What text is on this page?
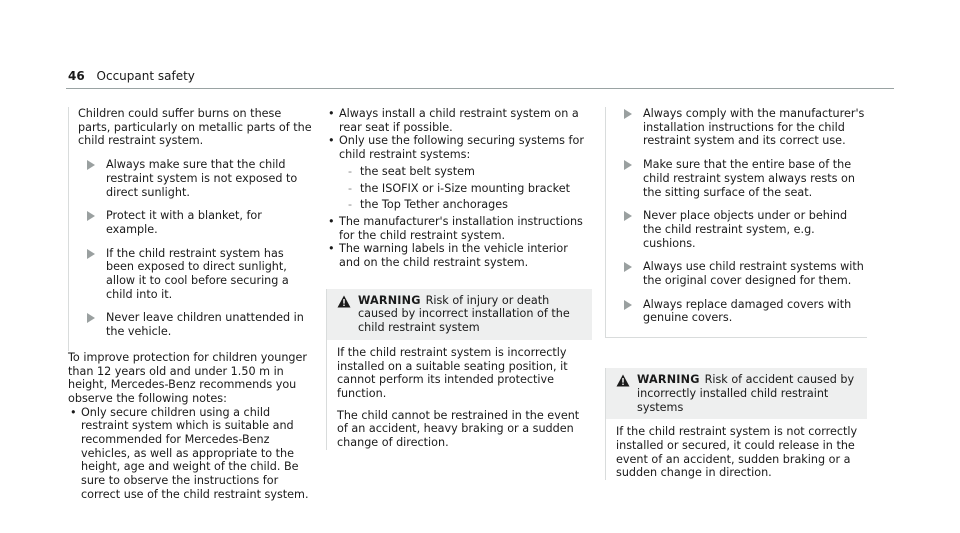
46 Occupant safety

Children could suffer burns on these parts, particularly on metallic parts of the child restraint system.

Always make sure that the child restraint system is not exposed to direct sunlight.
Protect it with a blanket, for example.
If the child restraint system has been exposed to direct sunlight, allow it to cool before securing a child into it.
Never leave children unattended in the vehicle.

To improve protection for children younger than 12 years old and under 1.50 m in height, Mercedes-Benz recommends you observe the following notes:

• Only secure children using a child restraint system which is suitable and recommended for Mercedes-Benz vehicles, as well as appropriate to the height, age and weight of the child. Be sure to observe the instructions for correct use of the child restraint system.
• Always install a child restraint system on a rear seat if possible.
• Only use the following securing systems for child restraint systems:
- the seat belt system
- the ISOFIX or i-Size mounting bracket
- the Top Tether anchorages
• The manufacturer's installation instructions for the child restraint system.
• The warning labels in the vehicle interior and on the child restraint system.
WARNING Risk of injury or death caused by incorrect installation of the child restraint system

If the child restraint system is incorrectly installed on a suitable seating position, it cannot perform its intended protective function.

The child cannot be restrained in the event of an accident, heavy braking or a sudden change of direction.

Always comply with the manufacturer's installation instructions for the child restraint system and its correct use.
Make sure that the entire base of the child restraint system always rests on the sitting surface of the seat.
Never place objects under or behind the child restraint system, e.g. cushions.
Always use child restraint systems with the original cover designed for them.
Always replace damaged covers with genuine covers.
WARNING Risk of accident caused by incorrectly installed child restraint systems

If the child restraint system is not correctly installed or secured, it could release in the event of an accident, sudden braking or a sudden change in direction.
